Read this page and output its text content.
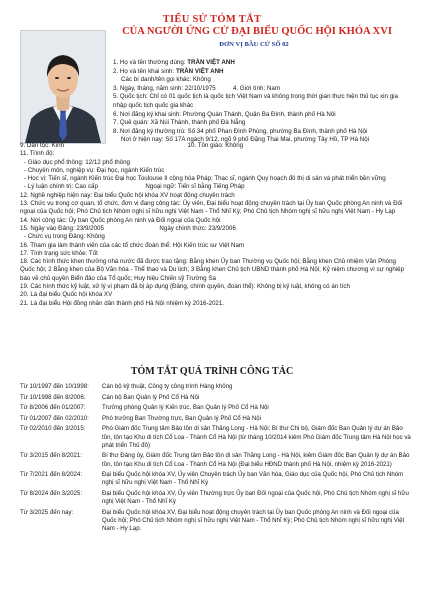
TIỂU SỬ TÓM TẮT
CỦA NGƯỜI ỨNG CỬ ĐẠI BIỂU QUỐC HỘI KHÓA XVI
ĐƠN VỊ BẦU CỬ SỐ 02
1. Họ và tên thường dùng: TRẦN VIỆT ANH
2. Họ và tên khai sinh: TRẦN VIỆT ANH
Các bí danh/tên gọi khác: Không
3. Ngày, tháng, năm sinh: 22/10/1975          4. Giới tính: Nam
5. Quốc tịch: Chỉ có 01 quốc tịch là quốc tịch Việt Nam và không trong thời gian thực hiện thủ tục xin gia nhập quốc tịch quốc gia khác
6. Nơi đăng ký khai sinh: Phường Quán Thánh, Quận Ba Đình, thành phố Hà Nội
7. Quê quán: Xã Núi Thành, thành phố Đà Nẵng
8. Nơi đăng ký thường trú: Số 34 phố Phan Đình Phùng, phường Ba Đình, thành phố Hà Nội
Nơi ở hiện nay: Số 17A ngách 9/12, ngõ 9 phố Đặng Thai Mai, phường Tây Hồ, TP Hà Nội
9. Dân tộc: Kinh	10. Tôn giáo: Không
11. Trình độ:
- Giáo dục phổ thông: 12/12 phổ thông
- Chuyên môn, nghiệp vụ: Đại học, ngành Kiến trúc
- Học vị: Tiến sĩ, ngành Kiến trúc Đại học Toulouse II cộng hòa Pháp; Thạc sĩ, ngành Quy hoạch đô thị di sản và phát triển bền vững
- Lý luận chính trị: Cao cấp	Ngoại ngữ: Tiến sĩ bằng Tiếng Pháp
12. Nghề nghiệp hiện nay: Đại biểu Quốc hội khóa XV hoạt động chuyên trách
13. Chức vụ trong cơ quan, tổ chức, đơn vị đang công tác: Ủy viên, Đại biểu hoạt động chuyên trách tại Ủy ban Quốc phòng An ninh và Đối ngoại của Quốc hội; Phó Chủ tịch Nhóm nghị sĩ hữu nghị Việt Nam - Thổ Nhĩ Kỳ; Phó Chủ tịch Nhóm nghị sĩ hữu nghị Việt Nam - Hy Lạp
14. Nơi công tác: Ủy ban Quốc phòng An ninh và Đối ngoại của Quốc hội
15. Ngày vào Đảng: 23/9/2005	Ngày chính thức: 23/9/2006
- Chức vụ trong Đảng: Không
16. Tham gia làm thành viên của các tổ chức đoàn thể: Hội Kiến trúc sư Việt Nam
17. Tình trạng sức khỏe: Tốt
18. Các hình thức khen thưởng nhà nước đã được trao tặng: Bằng khen Ủy ban Thường vụ Quốc hội; Bằng khen Chủ nhiệm Văn Phòng Quốc hội; 2 Bằng khen của Bộ Văn hóa - Thể thao và Du lịch; 3 Bằng khen Chủ tịch UBND thành phố Hà Nội; Kỷ niệm chương vì sự nghiệp báo về chủ quyền Biển đảo của Tổ quốc; Huy hiệu Chiến sỹ Trường Sa
19. Các hình thức kỷ luật, xử lý vi phạm đã bị áp dụng (Đảng, chính quyền, đoàn thể): Không bị kỷ luật, không có án tích
20. Là đại biểu Quốc hội khóa XV
21. Là đại biểu Hội đồng nhân dân thành phố Hà Nội nhiệm kỳ 2016-2021.
TÓM TẮT QUÁ TRÌNH CÔNG TÁC
Từ 10/1997 đến 10/1998:	Cán bộ kỹ thuật, Công ty công trình Hàng không
Từ 10/1998 đến 8/2006:	Cán bộ Ban Quản lý Phố Cổ Hà Nội
Từ 8/2006 đến 01/2007:	Trưởng phòng Quản lý Kiến trúc, Ban Quản lý Phố Cổ Hà Nội
Từ 01/2007 đến 02/2010:	Phó trưởng Ban Thường trực, Ban Quản lý Phố Cổ Hà Nội
Từ 02/2010 đến 3/2015:	Phó Giám đốc Trung tâm Bảo tồn di sản Thăng Long - Hà Nội; Bí thư Chi bộ, Giám đốc Ban Quản lý dự án Bảo tồn, tôn tạo Khu di tích Cổ Loa - Thành Cổ Hà Nội (từ tháng 10/2014 kiêm Phó Giám đốc Trung tâm Hà Nội học và phát triển Thủ đô)
Từ 3/2015 đến 8/2021:	Bí thư Đảng ủy, Giám đốc Trung tâm Bảo tồn di sản Thăng Long - Hà Nội, kiêm Giám đốc Ban Quản lý dự án Bảo tồn, tôn tạo Khu di tích Cổ Loa - Thành Cổ Hà Nội (Đại biểu HĐND thành phố Hà Nội, nhiệm kỳ 2016-2021)
Từ 7/2021 đến 8/2024:	Đại biểu Quốc hội khóa XV, Ủy viên Chuyên trách Ủy ban Văn hóa, Giáo dục của Quốc hội, Phó Chủ tịch Nhóm nghị sĩ hữu nghị Việt Nam - Thổ Nhĩ Kỳ
Từ 8/2024 đến 3/2025:	Đại biểu Quốc hội khóa XV, Ủy viên Thường trực Ủy ban Đối ngoại của Quốc hội, Phó Chủ tịch Nhóm nghị sĩ hữu nghị Việt Nam - Thổ Nhĩ Kỳ
Từ 3/2025 đến nay:	Đại biểu Quốc hội khóa XV, Đại biểu hoạt động chuyên trách tại Ủy ban Quốc phòng An ninh và Đối ngoại của Quốc hội; Phó Chủ tịch Nhóm nghị sĩ hữu nghị Việt Nam - Thổ Nhĩ Kỳ; Phó Chủ tịch Nhóm nghị sĩ hữu nghị Việt Nam - Hy Lạp.
